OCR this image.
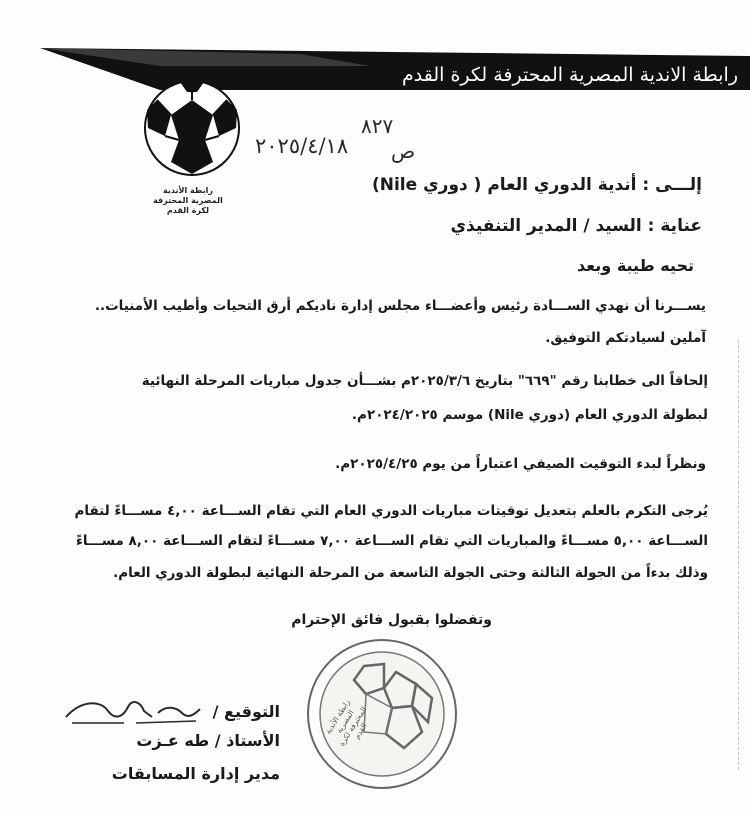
رابطة الاندية المصرية المحترفة لكرة القدم
رابطة الأندية المصرية المحترفة لكرة القدم
٨٢٧
ص
٢٠٢٥/٤/١٨
إلـــى : أندية الدوري العام ( دوري Nile)
عناية : السيد / المدير التنفيذي
تحيه طيبة وبعد
يســـرنا أن نهدي الســـادة رئيس وأعضـــاء مجلس إدارة ناديكم أرق التحيات وأطيب الأمنيات..
آملين لسيادتكم التوفيق.
إلحاقاً الى خطابنا رقم "٦٦٩" بتاريخ ٢٠٢٥/٣/٦م بشـــأن جدول مباريات المرحلة النهائية
لبطولة الدوري العام (دوري Nile) موسم ٢٠٢٤/٢٠٢٥م.
ونظراً لبدء التوقيت الصيفي اعتباراً من يوم ٢٠٢٥/٤/٢٥م.
يُرجى التكرم بالعلم بتعديل توقيتات مباريات الدوري العام التي تقام الســـاعة ٤,٠٠ مســـاءً لتقام
الســـاعة ٥,٠٠ مســـاءً والمباريات التي تقام الســـاعة ٧,٠٠ مســـاءً لتقام الســـاعة ٨,٠٠ مســـاءً
وذلك بدءاً من الجولة الثالثة وحتى الجولة التاسعة من المرحلة النهائية لبطولة الدوري العام.
وتفضلوا بقبول فائق الإحترام
رابطة الأندية المصرية المحترفة لكرة القدم
التوقيع /
الأستاذ / طه عـزت
مدير إدارة المسابقات
